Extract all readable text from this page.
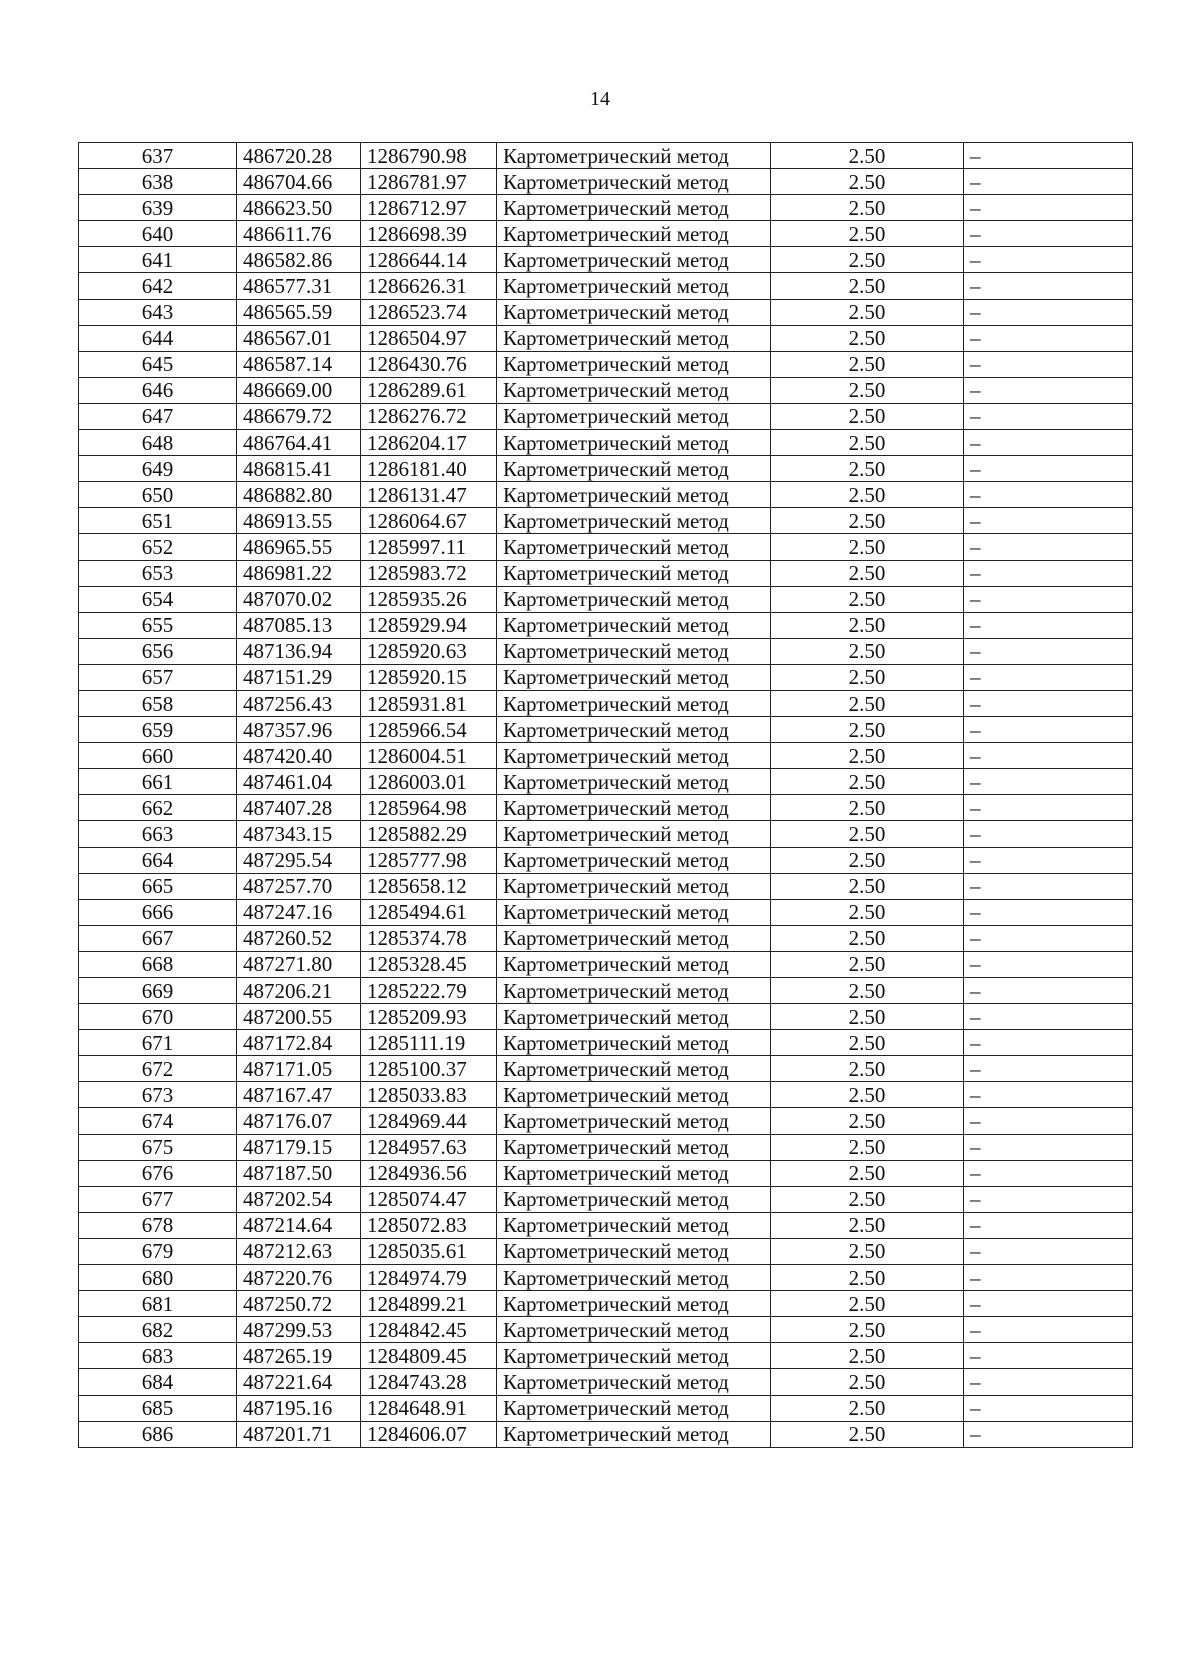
14
637	486720.28	1286790.98	Картометрический метод	2.50	–
638	486704.66	1286781.97	Картометрический метод	2.50	–
639	486623.50	1286712.97	Картометрический метод	2.50	–
640	486611.76	1286698.39	Картометрический метод	2.50	–
641	486582.86	1286644.14	Картометрический метод	2.50	–
642	486577.31	1286626.31	Картометрический метод	2.50	–
643	486565.59	1286523.74	Картометрический метод	2.50	–
644	486567.01	1286504.97	Картометрический метод	2.50	–
645	486587.14	1286430.76	Картометрический метод	2.50	–
646	486669.00	1286289.61	Картометрический метод	2.50	–
647	486679.72	1286276.72	Картометрический метод	2.50	–
648	486764.41	1286204.17	Картометрический метод	2.50	–
649	486815.41	1286181.40	Картометрический метод	2.50	–
650	486882.80	1286131.47	Картометрический метод	2.50	–
651	486913.55	1286064.67	Картометрический метод	2.50	–
652	486965.55	1285997.11	Картометрический метод	2.50	–
653	486981.22	1285983.72	Картометрический метод	2.50	–
654	487070.02	1285935.26	Картометрический метод	2.50	–
655	487085.13	1285929.94	Картометрический метод	2.50	–
656	487136.94	1285920.63	Картометрический метод	2.50	–
657	487151.29	1285920.15	Картометрический метод	2.50	–
658	487256.43	1285931.81	Картометрический метод	2.50	–
659	487357.96	1285966.54	Картометрический метод	2.50	–
660	487420.40	1286004.51	Картометрический метод	2.50	–
661	487461.04	1286003.01	Картометрический метод	2.50	–
662	487407.28	1285964.98	Картометрический метод	2.50	–
663	487343.15	1285882.29	Картометрический метод	2.50	–
664	487295.54	1285777.98	Картометрический метод	2.50	–
665	487257.70	1285658.12	Картометрический метод	2.50	–
666	487247.16	1285494.61	Картометрический метод	2.50	–
667	487260.52	1285374.78	Картометрический метод	2.50	–
668	487271.80	1285328.45	Картометрический метод	2.50	–
669	487206.21	1285222.79	Картометрический метод	2.50	–
670	487200.55	1285209.93	Картометрический метод	2.50	–
671	487172.84	1285111.19	Картометрический метод	2.50	–
672	487171.05	1285100.37	Картометрический метод	2.50	–
673	487167.47	1285033.83	Картометрический метод	2.50	–
674	487176.07	1284969.44	Картометрический метод	2.50	–
675	487179.15	1284957.63	Картометрический метод	2.50	–
676	487187.50	1284936.56	Картометрический метод	2.50	–
677	487202.54	1285074.47	Картометрический метод	2.50	–
678	487214.64	1285072.83	Картометрический метод	2.50	–
679	487212.63	1285035.61	Картометрический метод	2.50	–
680	487220.76	1284974.79	Картометрический метод	2.50	–
681	487250.72	1284899.21	Картометрический метод	2.50	–
682	487299.53	1284842.45	Картометрический метод	2.50	–
683	487265.19	1284809.45	Картометрический метод	2.50	–
684	487221.64	1284743.28	Картометрический метод	2.50	–
685	487195.16	1284648.91	Картометрический метод	2.50	–
686	487201.71	1284606.07	Картометрический метод	2.50	–
